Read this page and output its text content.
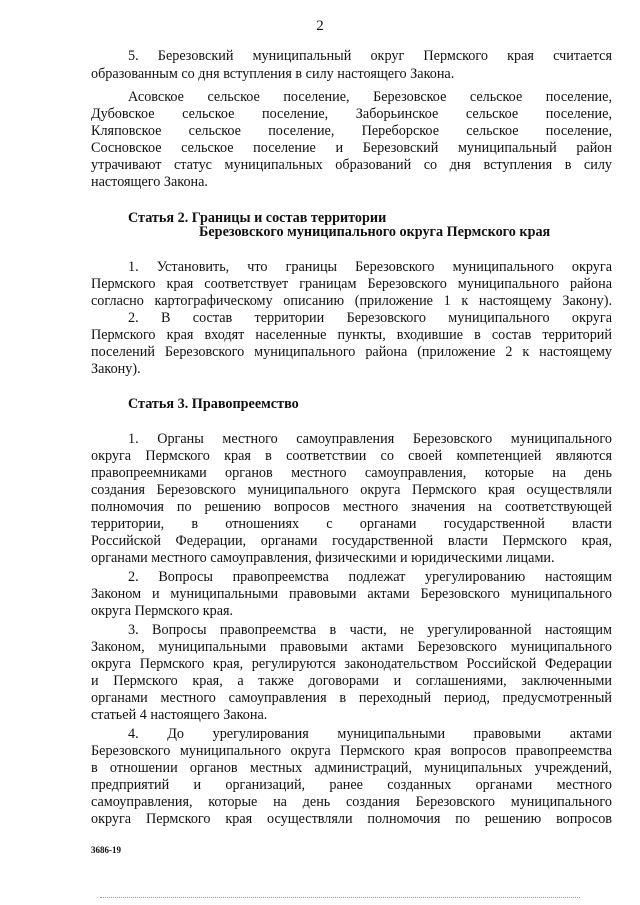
2
5. Березовский муниципальный округ Пермского края считается
образованным со дня вступления в силу настоящего Закона.
Асовское сельское поселение, Березовское сельское поселение,
Дубовское сельское поселение, Заборьинское сельское поселение,
Кляповское сельское поселение, Переборское сельское поселение,
Сосновское сельское поселение и Березовский муниципальный район
утрачивают статус муниципальных образований со дня вступления в силу
настоящего Закона.
Статья 2. Границы и состав территории
Березовского муниципального округа Пермского края
1. Установить, что границы Березовского муниципального округа
Пермского края соответствует границам Березовского муниципального района
согласно картографическому описанию (приложение 1 к настоящему Закону).
2. В состав территории Березовского муниципального округа
Пермского края входят населенные пункты, входившие в состав территорий
поселений Березовского муниципального района (приложение 2 к настоящему
Закону).
Статья 3. Правопреемство
1. Органы местного самоуправления Березовского муниципального
округа Пермского края в соответствии со своей компетенцией являются
правопреемниками органов местного самоуправления, которые на день
создания Березовского муниципального округа Пермского края осуществляли
полномочия по решению вопросов местного значения на соответствующей
территории, в отношениях с органами государственной власти
Российской Федерации, органами государственной власти Пермского края,
органами местного самоуправления, физическими и юридическими лицами.
2. Вопросы правопреемства подлежат урегулированию настоящим
Законом и муниципальными правовыми актами Березовского муниципального
округа Пермского края.
3. Вопросы правопреемства в части, не урегулированной настоящим
Законом, муниципальными правовыми актами Березовского муниципального
округа Пермского края, регулируются законодательством Российской Федерации
и Пермского края, а также договорами и соглашениями, заключенными
органами местного самоуправления в переходный период, предусмотренный
статьей 4 настоящего Закона.
4. До урегулирования муниципальными правовыми актами
Березовского муниципального округа Пермского края вопросов правопреемства
в отношении органов местных администраций, муниципальных учреждений,
предприятий и организаций, ранее созданных органами местного
самоуправления, которые на день создания Березовского муниципального
округа Пермского края осуществляли полномочия по решению вопросов
3686-19
